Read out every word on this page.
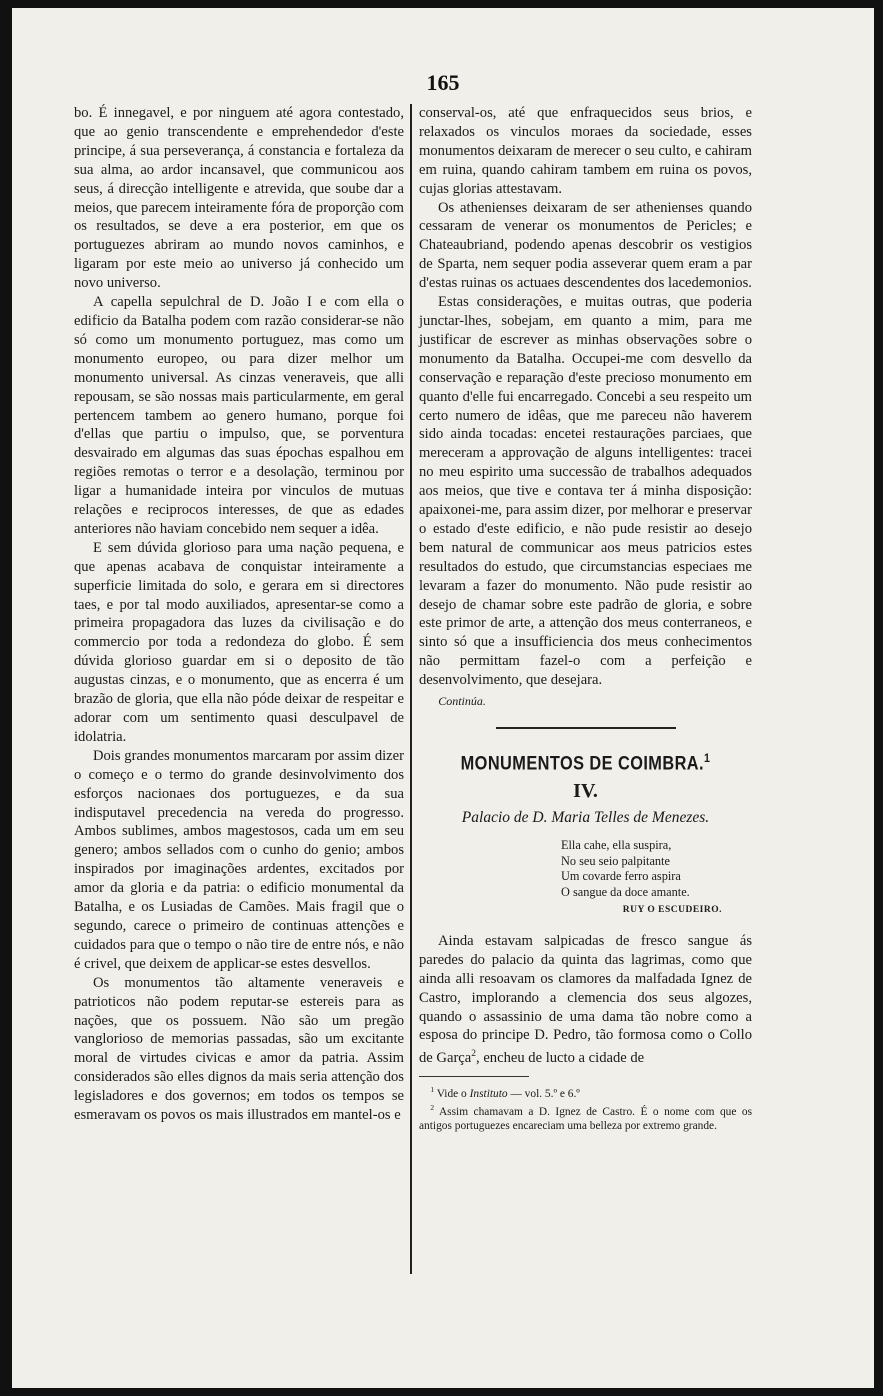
165

bo. É innegavel, e por ninguem até agora contestado, que ao genio transcendente e emprehendedor d'este principe, á sua perseverança, á constancia e fortaleza da sua alma, ao ardor incansavel, que communicou aos seus, á direcção intelligente e atrevida, que soube dar a meios, que parecem inteiramente fóra de proporção com os resultados, se deve a era posterior, em que os portuguezes abriram ao mundo novos caminhos, e ligaram por este meio ao universo já conhecido um novo universo.

A capella sepulchral de D. João I e com ella o edificio da Batalha podem com razão considerar-se não só como um monumento portuguez, mas como um monumento europeo, ou para dizer melhor um monumento universal. As cinzas veneraveis, que alli repousam, se são nossas mais particularmente, em geral pertencem tambem ao genero humano, porque foi d'ellas que partiu o impulso, que, se porventura desvairado em algumas das suas épochas espalhou em regiões remotas o terror e a desolação, terminou por ligar a humanidade inteira por vinculos de mutuas relações e reciprocos interesses, de que as edades anteriores não haviam concebido nem sequer a idêa.

E sem dúvida glorioso para uma nação pequena, e que apenas acabava de conquistar inteiramente a superficie limitada do solo, e gerara em si directores taes, e por tal modo auxiliados, apresentar-se como a primeira propagadora das luzes da civilisação e do commercio por toda a redondeza do globo. É sem dúvida glorioso guardar em si o deposito de tão augustas cinzas, e o monumento, que as encerra é um brazão de gloria, que ella não póde deixar de respeitar e adorar com um sentimento quasi desculpavel de idolatria.

Dois grandes monumentos marcaram por assim dizer o começo e o termo do grande desinvolvimento dos esforços nacionaes dos portuguezes, e da sua indisputavel precedencia na vereda do progresso. Ambos sublimes, ambos magestosos, cada um em seu genero; ambos sellados com o cunho do genio; ambos inspirados por imaginações ardentes, excitados por amor da gloria e da patria: o edificio monumental da Batalha, e os Lusiadas de Camões. Mais fragil que o segundo, carece o primeiro de continuas attenções e cuidados para que o tempo o não tire de entre nós, e não é crivel, que deixem de applicar-se estes desvellos.

Os monumentos tão altamente veneraveis e patrioticos não podem reputar-se estereis para as nações, que os possuem. Não são um pregão vanglorioso de memorias passadas, são um excitante moral de virtudes civicas e amor da patria. Assim considerados são elles dignos da mais seria attenção dos legisladores e dos governos; em todos os tempos se esmeravam os povos os mais illustrados em mantel-os e

conserval-os, até que enfraquecidos seus brios, e relaxados os vinculos moraes da sociedade, esses monumentos deixaram de merecer o seu culto, e cahiram em ruina, quando cahiram tambem em ruina os povos, cujas glorias attestavam.

Os athenienses deixaram de ser athenienses quando cessaram de venerar os monumentos de Pericles; e Chateaubriand, podendo apenas descobrir os vestigios de Sparta, nem sequer podia asseverar quem eram a par d'estas ruinas os actuaes descendentes dos lacedemonios.

Estas considerações, e muitas outras, que poderia junctar-lhes, sobejam, em quanto a mim, para me justificar de escrever as minhas observações sobre o monumento da Batalha. Occupei-me com desvello da conservação e reparação d'este precioso monumento em quanto d'elle fui encarregado. Concebi a seu respeito um certo numero de idêas, que me pareceu não haverem sido ainda tocadas: encetei restaurações parciaes, que mereceram a approvação de alguns intelligentes: tracei no meu espirito uma successão de trabalhos adequados aos meios, que tive e contava ter á minha disposição: apaixonei-me, para assim dizer, por melhorar e preservar o estado d'este edificio, e não pude resistir ao desejo bem natural de communicar aos meus patricios estes resultados do estudo, que circumstancias especiaes me levaram a fazer do monumento. Não pude resistir ao desejo de chamar sobre este padrão de gloria, e sobre este primor de arte, a attenção dos meus conterraneos, e sinto só que a insufficiencia dos meus conhecimentos não permittam fazel-o com a perfeição e desenvolvimento, que desejara.

Continúa.

MONUMENTOS DE COIMBRA.$^1$
IV.
Palacio de D. Maria Telles de Menezes.
Ella cahe, ella suspira,
No seu seio palpitante
Um covarde ferro aspira
O sangue da doce amante.
RUY O ESCUDEIRO.

Ainda estavam salpicadas de fresco sangue ás paredes do palacio da quinta das lagrimas, como que ainda alli resoavam os clamores da malfadada Ignez de Castro, implorando a clemencia dos seus algozes, quando o assassinio de uma dama tão nobre como a esposa do principe D. Pedro, tão formosa como o Collo de Garça$^2$, encheu de lucto a cidade de

$^1$ Vide o Instituto — vol. 5.º e 6.º

$^2$ Assim chamavam a D. Ignez de Castro. É o nome com que os antigos portuguezes encareciam uma belleza por extremo grande.
